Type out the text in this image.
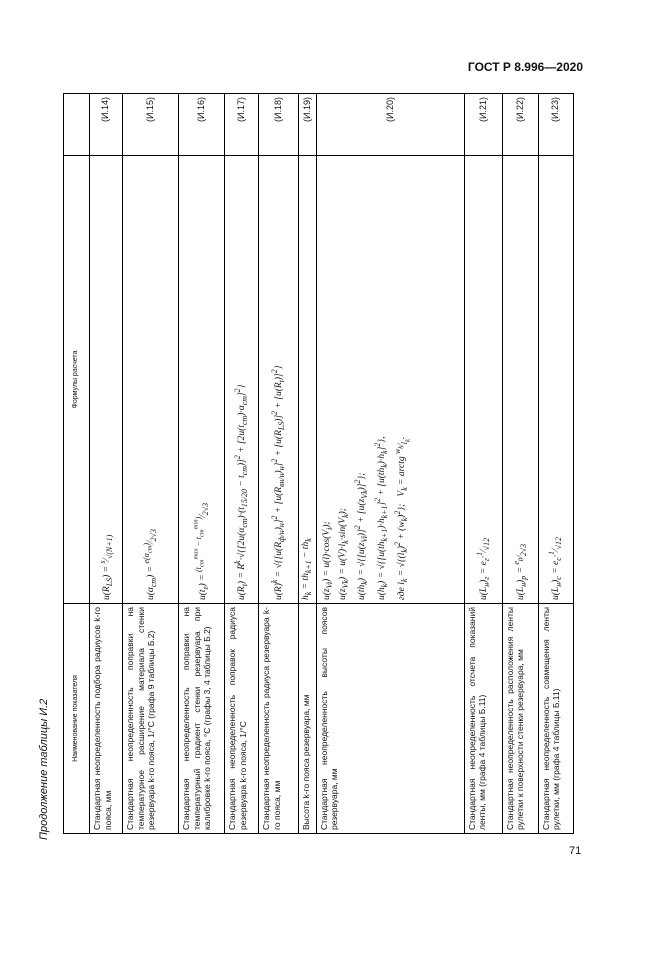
ГОСТ Р 8.996—2020
Продолжение таблицы И.2
71
Наименование показателя	Формулы расчета	
Стандартная неопределенность подбора радиусов k-го пояса, мм	$u(R_{LS})$ = $^s⁄_{√(N+1)}$	(И.14)
Стандартная неопределенность поправки на температурное расширение материала стенки резервуара k-го пояса, 1/°С (графа 9 таблицы Б.2)	$u(\alpha_{ст})$ = $^{e(\alpha_{ст})}⁄_{2√3}$	(И.15)
Стандартная неопределенность поправки на температурный градиент стенки резервуара при калибровке k-го пояса, °С (графы 3, 4 таблицы Б.2)	$u(t_\varepsilon)$ = $^{(t_{ст}^{max} - t_{ст}^{min})}⁄_{2√3}$	(И.16)
Стандартная неопределенность поправок радиуса резервуара k-го пояса, 1/°С	$u(R_t) = R^k\cdot√\{[2u(\alpha_{ст})\cdot(t_{15/20} - t_{ст})]^2 + [2u(t_{ст})\cdot\alpha_{ст}]^2\}$	(И.17)
Стандартная неопределенность радиуса резервуара k-го пояса, мм	$u(R)^k = √\{[u(R_{ф/н})_н]^2 + [u(R_{вн/н})_н]^2 + [u(R_{LS})]^2 + [u(R_t)]^2\}$	(И.18)
Высота k-го пояса резервуара, мм	$h_k = th_{k+1} - th_k$	(И.19)
Стандартная неопределенность высоты поясов резервуара, мм	$u(z_{Vi}) = u(l)\cdot\cos(V_i)$;
$u(z_{Vk}) = u(V)\cdot l_k\cdot\sin(V_k)$;
$u(th_k) = √\{[u(z_{Vi})]^2 + [u(z_{Vk})]^2\}$;
$u(h_k) = √\{[u(th_{k+1})\cdot h_{k+1}]^2 + [u(th_k)\cdot h_k]^2\}$,
где $l_k = √\{(l_k)^2 + (w_k)^2\}$;   $V_k$ = arctg $^{w_k}⁄_{l_k}$.	(И.20)
Стандартная неопределенность отсчета показаний ленты, мм (графа 4 таблицы Б.11)	$u(L_н)_г$ = $e_г\cdot^1⁄_{√12}$	(И.21)
Стандартная неопределенность расположения ленты рулетки к поверхности стенки резервуара, мм	$u(L_н)_р$ = $^{e_р}⁄_{2√3}$	(И.22)
Стандартная неопределенность совмещения ленты рулетки, мм (графа 4 таблицы Б.11)	$u(L_н)_с$ = $e_с\cdot^1⁄_{√12}$	(И.23)
